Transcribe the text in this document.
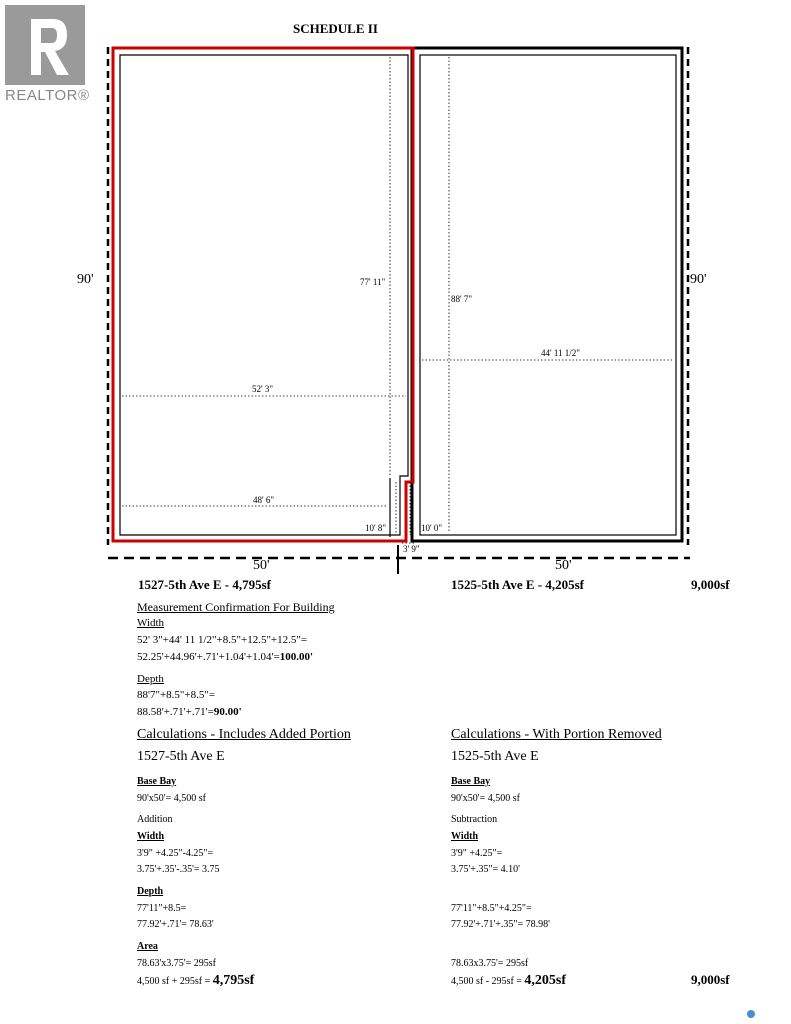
REALTOR®
SCHEDULE II
90'	90'
50'	50'
77' 11"
88' 7"
44' 11 1/2"
52' 3"
48' 6"
10' 8"	10' 0"
3' 9"
1527-5th Ave E - 4,795sf	1525-5th Ave E - 4,205sf	9,000sf
Measurement Confirmation For Building
Width
52' 3"+44' 11 1/2"+8.5"+12.5"+12.5"=
52.25'+44.96'+.71'+1.04'+1.04'=100.00'
Depth
88'7"+8.5"+8.5"=
88.58'+.71'+.71'=90.00'
Calculations - Includes Added Portion
1527-5th Ave E
Base Bay
90'x50'= 4,500 sf
Addition
Width
3'9" +4.25"-4.25"=
3.75'+.35'-.35'= 3.75
Depth
77'11"+8.5=
77.92'+.71'= 78.63'
Area
78.63'x3.75'= 295sf
4,500 sf + 295sf = 4,795sf
Calculations - With Portion Removed
1525-5th Ave E
Base Bay
90'x50'= 4,500 sf
Subtraction
Width
3'9" +4.25"=
3.75'+.35"= 4.10'
77'11"+8.5"+4.25"=
77.92'+.71'+.35"= 78.98'
78.63x3.75'= 295sf
4,500 sf - 295sf = 4,205sf	9,000sf
